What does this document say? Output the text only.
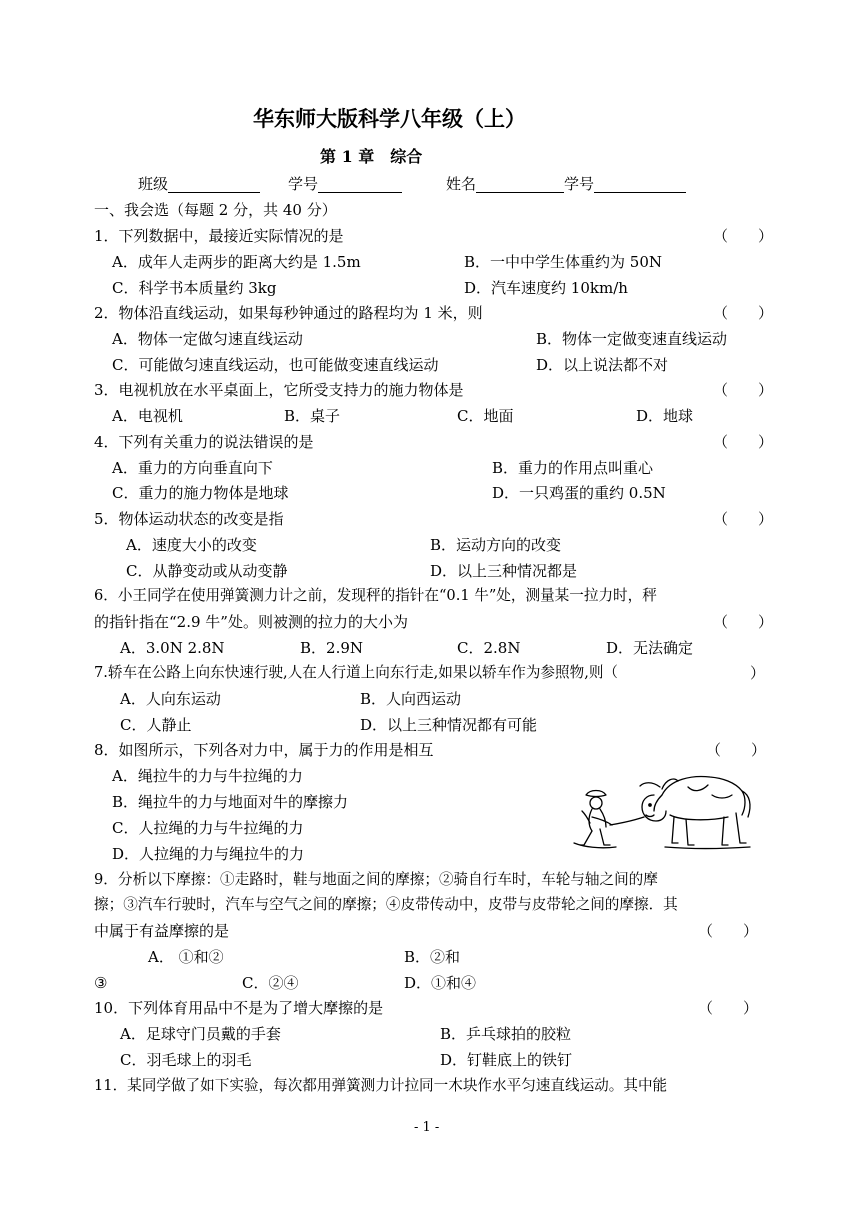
华东师大版科学八年级（上）
第 1 章　综合
班级	学号	姓名	学号
一、我会选（每题 2 分，共 40 分）
1．下列数据中，最接近实际情况的是	（　　）
A．成年人走两步的距离大约是 1.5m	B．一中中学生体重约为 50N
C．科学书本质量约 3kg	D．汽车速度约 10km/h
2．物体沿直线运动，如果每秒钟通过的路程均为 1 米，则	（　　）
A．物体一定做匀速直线运动	B．物体一定做变速直线运动
C．可能做匀速直线运动，也可能做变速直线运动	D．以上说法都不对
3．电视机放在水平桌面上，它所受支持力的施力物体是	（　　）
A．电视机	B．桌子	C．地面	D．地球
4．下列有关重力的说法错误的是	（　　）
A．重力的方向垂直向下	B．重力的作用点叫重心
C．重力的施力物体是地球	D．一只鸡蛋的重约 0.5N
5．物体运动状态的改变是指	（　　）
A．速度大小的改变	B．运动方向的改变
C．从静变动或从动变静	D．以上三种情况都是
6．小王同学在使用弹簧测力计之前，发现秤的指针在“0.1 牛”处，测量某一拉力时，秤
的指针指在“2.9 牛”处。则被测的拉力的大小为	（　　）
A．3.0N 2.8N	B．2.9N	C．2.8N	D．无法确定
7.轿车在公路上向东快速行驶,人在人行道上向东行走,如果以轿车作为参照物,则（	）
A．人向东运动	B．人向西运动
C．人静止	D．以上三种情况都有可能
8．如图所示，下列各对力中，属于力的作用是相互	（　　）
A．绳拉牛的力与牛拉绳的力
B．绳拉牛的力与地面对牛的摩擦力
C．人拉绳的力与牛拉绳的力
D．人拉绳的力与绳拉牛的力
9．分析以下摩擦：①走路时，鞋与地面之间的摩擦；②骑自行车时，车轮与轴之间的摩
擦；③汽车行驶时，汽车与空气之间的摩擦；④皮带传动中，皮带与皮带轮之间的摩擦．其
中属于有益摩擦的是	（　　）
A． ①和②	B．②和
③	C．②④	D．①和④
10．下列体育用品中不是为了增大摩擦的是	（　　）
A．足球守门员戴的手套	B．乒乓球拍的胶粒
C．羽毛球上的羽毛	D．钉鞋底上的铁钉
11．某同学做了如下实验，每次都用弹簧测力计拉同一木块作水平匀速直线运动。其中能
- 1 -
